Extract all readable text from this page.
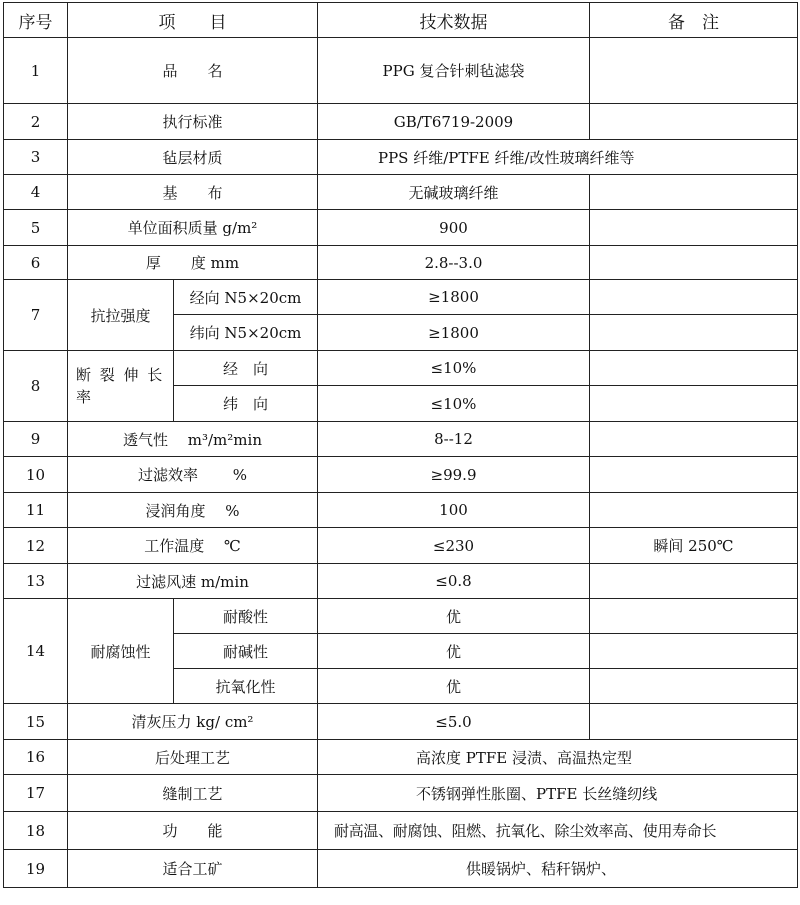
序号	项　　目		技术数据	备　注
1	品　　名		PPG 复合针刺毡滤袋	
2	执行标准		GB/T6719-2009	
3	毡层材质		PPS 纤维/PTFE 纤维/改性玻璃纤维等	
4	基　　布		无碱玻璃纤维	
5	单位面积质量 g/m²		900	
6	厚　　度 mm		2.8--3.0	
7	抗拉强度	经向 N5×20cm	≥1800	
		纬向 N5×20cm	≥1800	
8	断 裂 伸 长 率	经　向	≤10%	
		纬　向	≤10%	
9	透气性　 m³/m²min		8--12	
10	过滤效率　　 %		≥99.9	
11	浸润角度　 %		100	
12	工作温度　 ℃		≤230	瞬间 250℃
13	过滤风速 m/min		≤0.8	
14	耐腐蚀性	耐酸性	优	
		耐碱性	优	
		抗氧化性	优	
15	清灰压力 kg/ cm²		≤5.0	
16	后处理工艺		高浓度 PTFE 浸渍、高温热定型	
17	缝制工艺		不锈钢弹性胀圈、PTFE 长丝缝纫线	
18	功　　能		耐高温、耐腐蚀、阻燃、抗氧化、除尘效率高、使用寿命长	
19	适合工矿		供暖锅炉、秸秆锅炉、	
